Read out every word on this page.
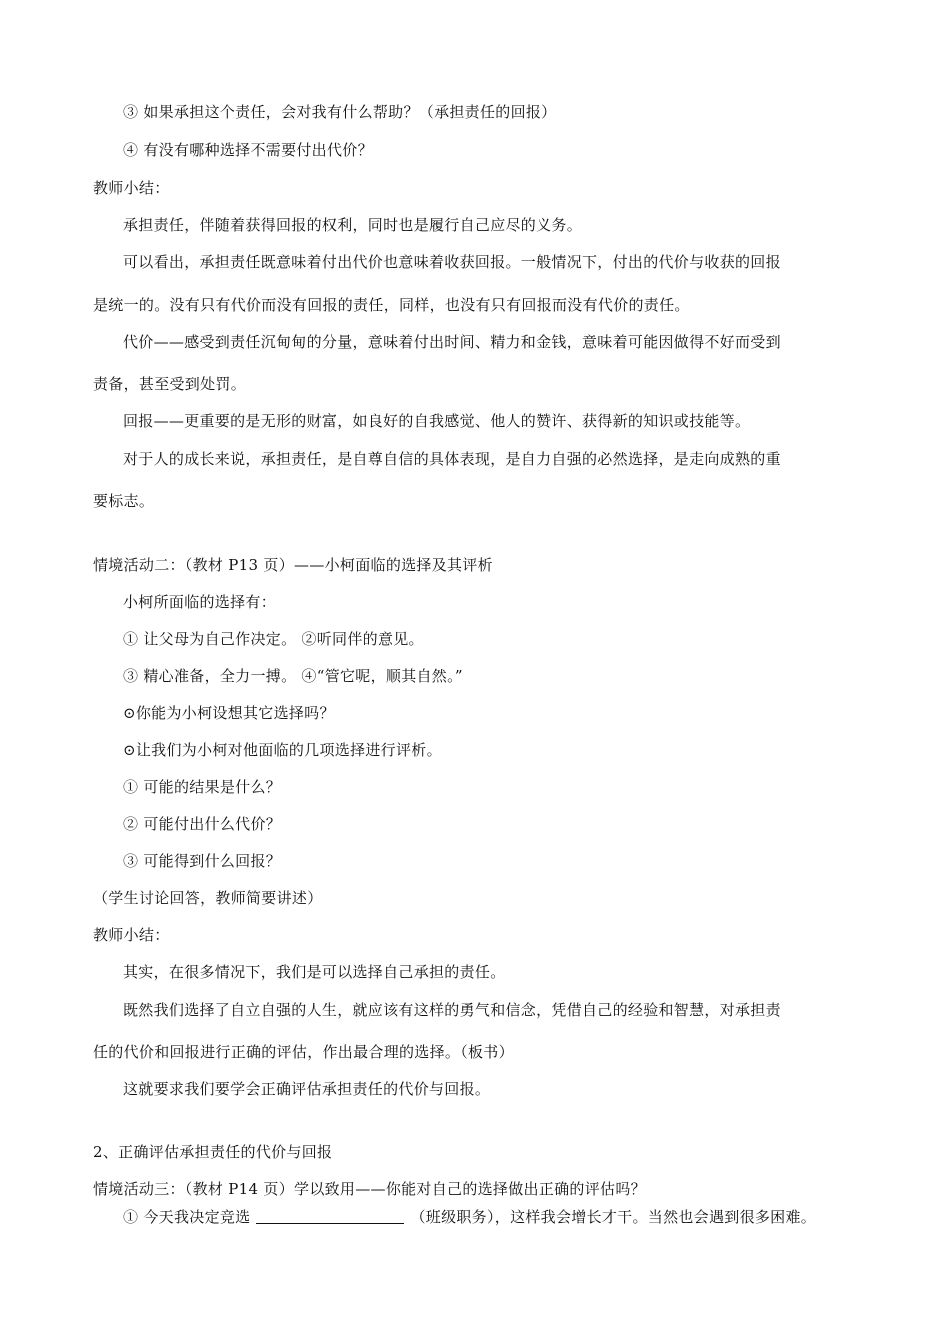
③ 如果承担这个责任，会对我有什么帮助？（承担责任的回报）
④ 有没有哪种选择不需要付出代价？
教师小结：
承担责任，伴随着获得回报的权利，同时也是履行自己应尽的义务。
可以看出，承担责任既意味着付出代价也意味着收获回报。一般情况下，付出的代价与收获的回报
是统一的。没有只有代价而没有回报的责任，同样，也没有只有回报而没有代价的责任。
代价——感受到责任沉甸甸的分量，意味着付出时间、精力和金钱，意味着可能因做得不好而受到
责备，甚至受到处罚。
回报——更重要的是无形的财富，如良好的自我感觉、他人的赞许、获得新的知识或技能等。
对于人的成长来说，承担责任，是自尊自信的具体表现，是自力自强的必然选择，是走向成熟的重
要标志。
情境活动二：（教材 P13 页）——小柯面临的选择及其评析
小柯所面临的选择有：
① 让父母为自己作决定。 ②听同伴的意见。
③ 精心准备，全力一搏。 ④“管它呢，顺其自然。”
⊙你能为小柯设想其它选择吗？
⊙让我们为小柯对他面临的几项选择进行评析。
① 可能的结果是什么？
② 可能付出什么代价？
③ 可能得到什么回报？
（学生讨论回答，教师简要讲述）
教师小结：
其实，在很多情况下，我们是可以选择自己承担的责任。
既然我们选择了自立自强的人生，就应该有这样的勇气和信念，凭借自己的经验和智慧，对承担责
任的代价和回报进行正确的评估，作出最合理的选择。（板书）
这就要求我们要学会正确评估承担责任的代价与回报。
2、正确评估承担责任的代价与回报
情境活动三：（教材 P14 页）学以致用——你能对自己的选择做出正确的评估吗？
① 今天我决定竞选	（班级职务），这样我会增长才干。当然也会遇到很多困难。
